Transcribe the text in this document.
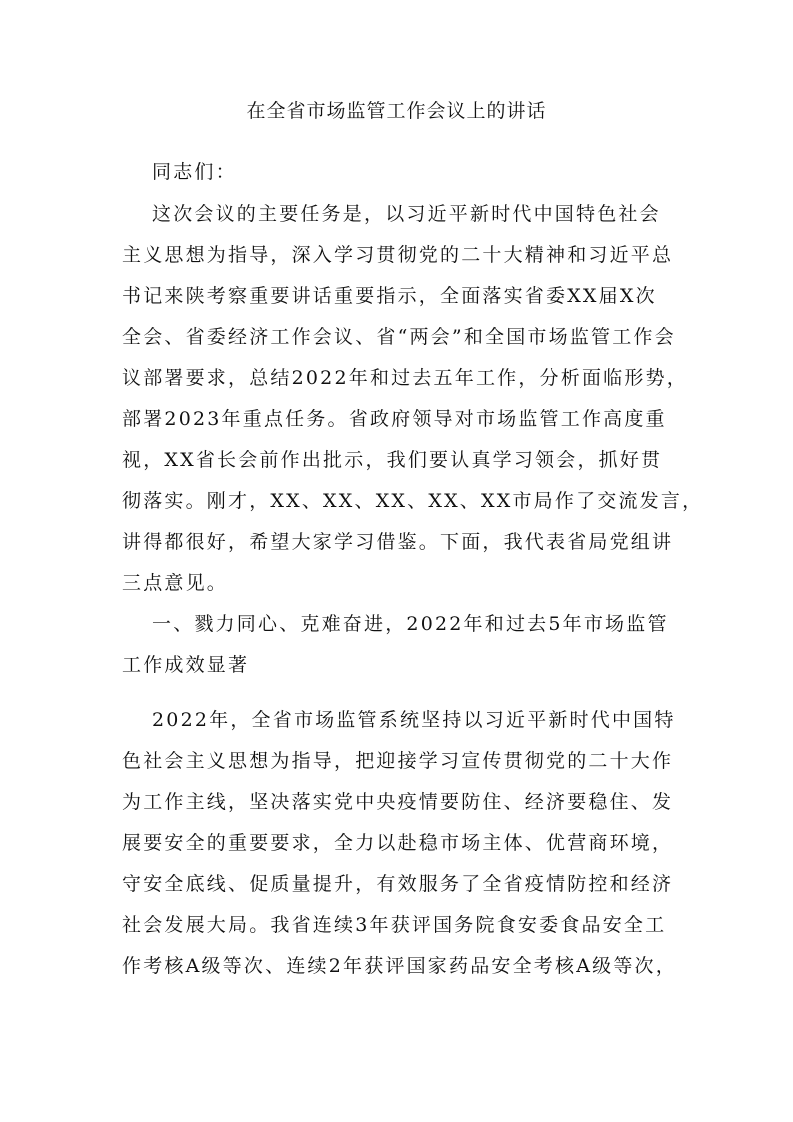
在全省市场监管工作会议上的讲话
同志们：
这次会议的主要任务是，以习近平新时代中国特色社会
主义思想为指导，深入学习贯彻党的二十大精神和习近平总
书记来陕考察重要讲话重要指示，全面落实省委XX届X次
全会、省委经济工作会议、省“两会”和全国市场监管工作会
议部署要求，总结2022年和过去五年工作，分析面临形势，
部署2023年重点任务。省政府领导对市场监管工作高度重
视，XX省长会前作出批示，我们要认真学习领会，抓好贯
彻落实。刚才，XX、XX、XX、XX、XX市局作了交流发言，
讲得都很好，希望大家学习借鉴。下面，我代表省局党组讲
三点意见。
一、戮力同心、克难奋进，2022年和过去5年市场监管
工作成效显著
2022年，全省市场监管系统坚持以习近平新时代中国特
色社会主义思想为指导，把迎接学习宣传贯彻党的二十大作
为工作主线，坚决落实党中央疫情要防住、经济要稳住、发
展要安全的重要要求，全力以赴稳市场主体、优营商环境，
守安全底线、促质量提升，有效服务了全省疫情防控和经济
社会发展大局。我省连续3年获评国务院食安委食品安全工
作考核A级等次、连续2年获评国家药品安全考核A级等次，
